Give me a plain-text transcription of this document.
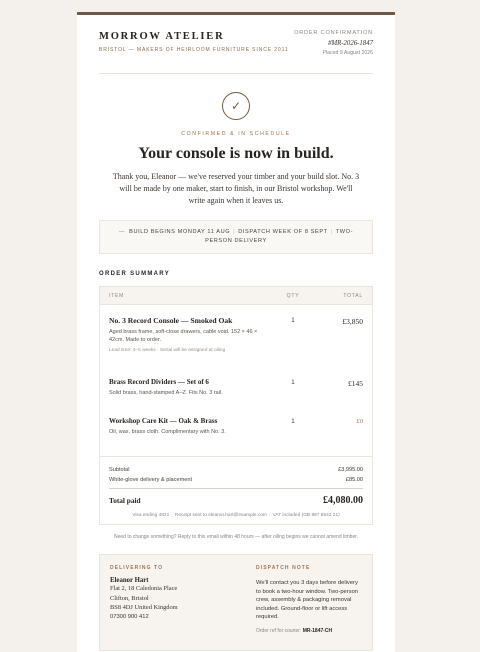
MORROW ATELIER
BRISTOL — MAKERS OF HEIRLOOM FURNITURE SINCE 2011
ORDER CONFIRMATION
#MR-2026-1847
Placed 9 August 2026
✓
CONFIRMED & IN SCHEDULE
Your console is now in build.

Thank you, Eleanor — we've reserved your timber and your build slot. No. 3 will be made by one maker, start to finish, in our Bristol workshop. We'll write again when it leaves us.

— BUILD BEGINS MONDAY 11 AUG | DISPATCH WEEK OF 8 SEPT | TWO-PERSON DELIVERY
ORDER SUMMARY
ITEM	QTY	TOTAL
No. 3 Record Console — Smoked Oak
Aged brass frame, soft-close drawers, cable void. 152 × 46 × 42cm. Made to order.
Lead time: 4–5 weeks · Serial will be assigned at oiling
1	£3,850
Brass Record Dividers — Set of 6
Solid brass, hand-stamped A–Z. Fits No. 3 rail.
1	£145
Workshop Care Kit — Oak & Brass
Oil, wax, brass cloth. Complimentary with No. 3.
1	£0
Subtotal	£3,995.00
White-glove delivery & placement	£85.00
Total paid	£4,080.00
Visa ending 4821 · Receipt sent to eleanor.hart@example.com · VAT included (GB 987 6543 21)

Need to change something? Reply to this email within 48 hours — after oiling begins we cannot amend timber.

DELIVERING TO
Eleanor Hart
Flat 2, 18 Caledonia Place
Clifton, Bristol
BS8 4DJ United Kingdom
07300 900 412
DISPATCH NOTE
We'll contact you 3 days before delivery to book a two-hour window. Two-person crew, assembly & packaging removal included. Ground-floor or lift access required.
Order ref for courier: MR-1847-CH
